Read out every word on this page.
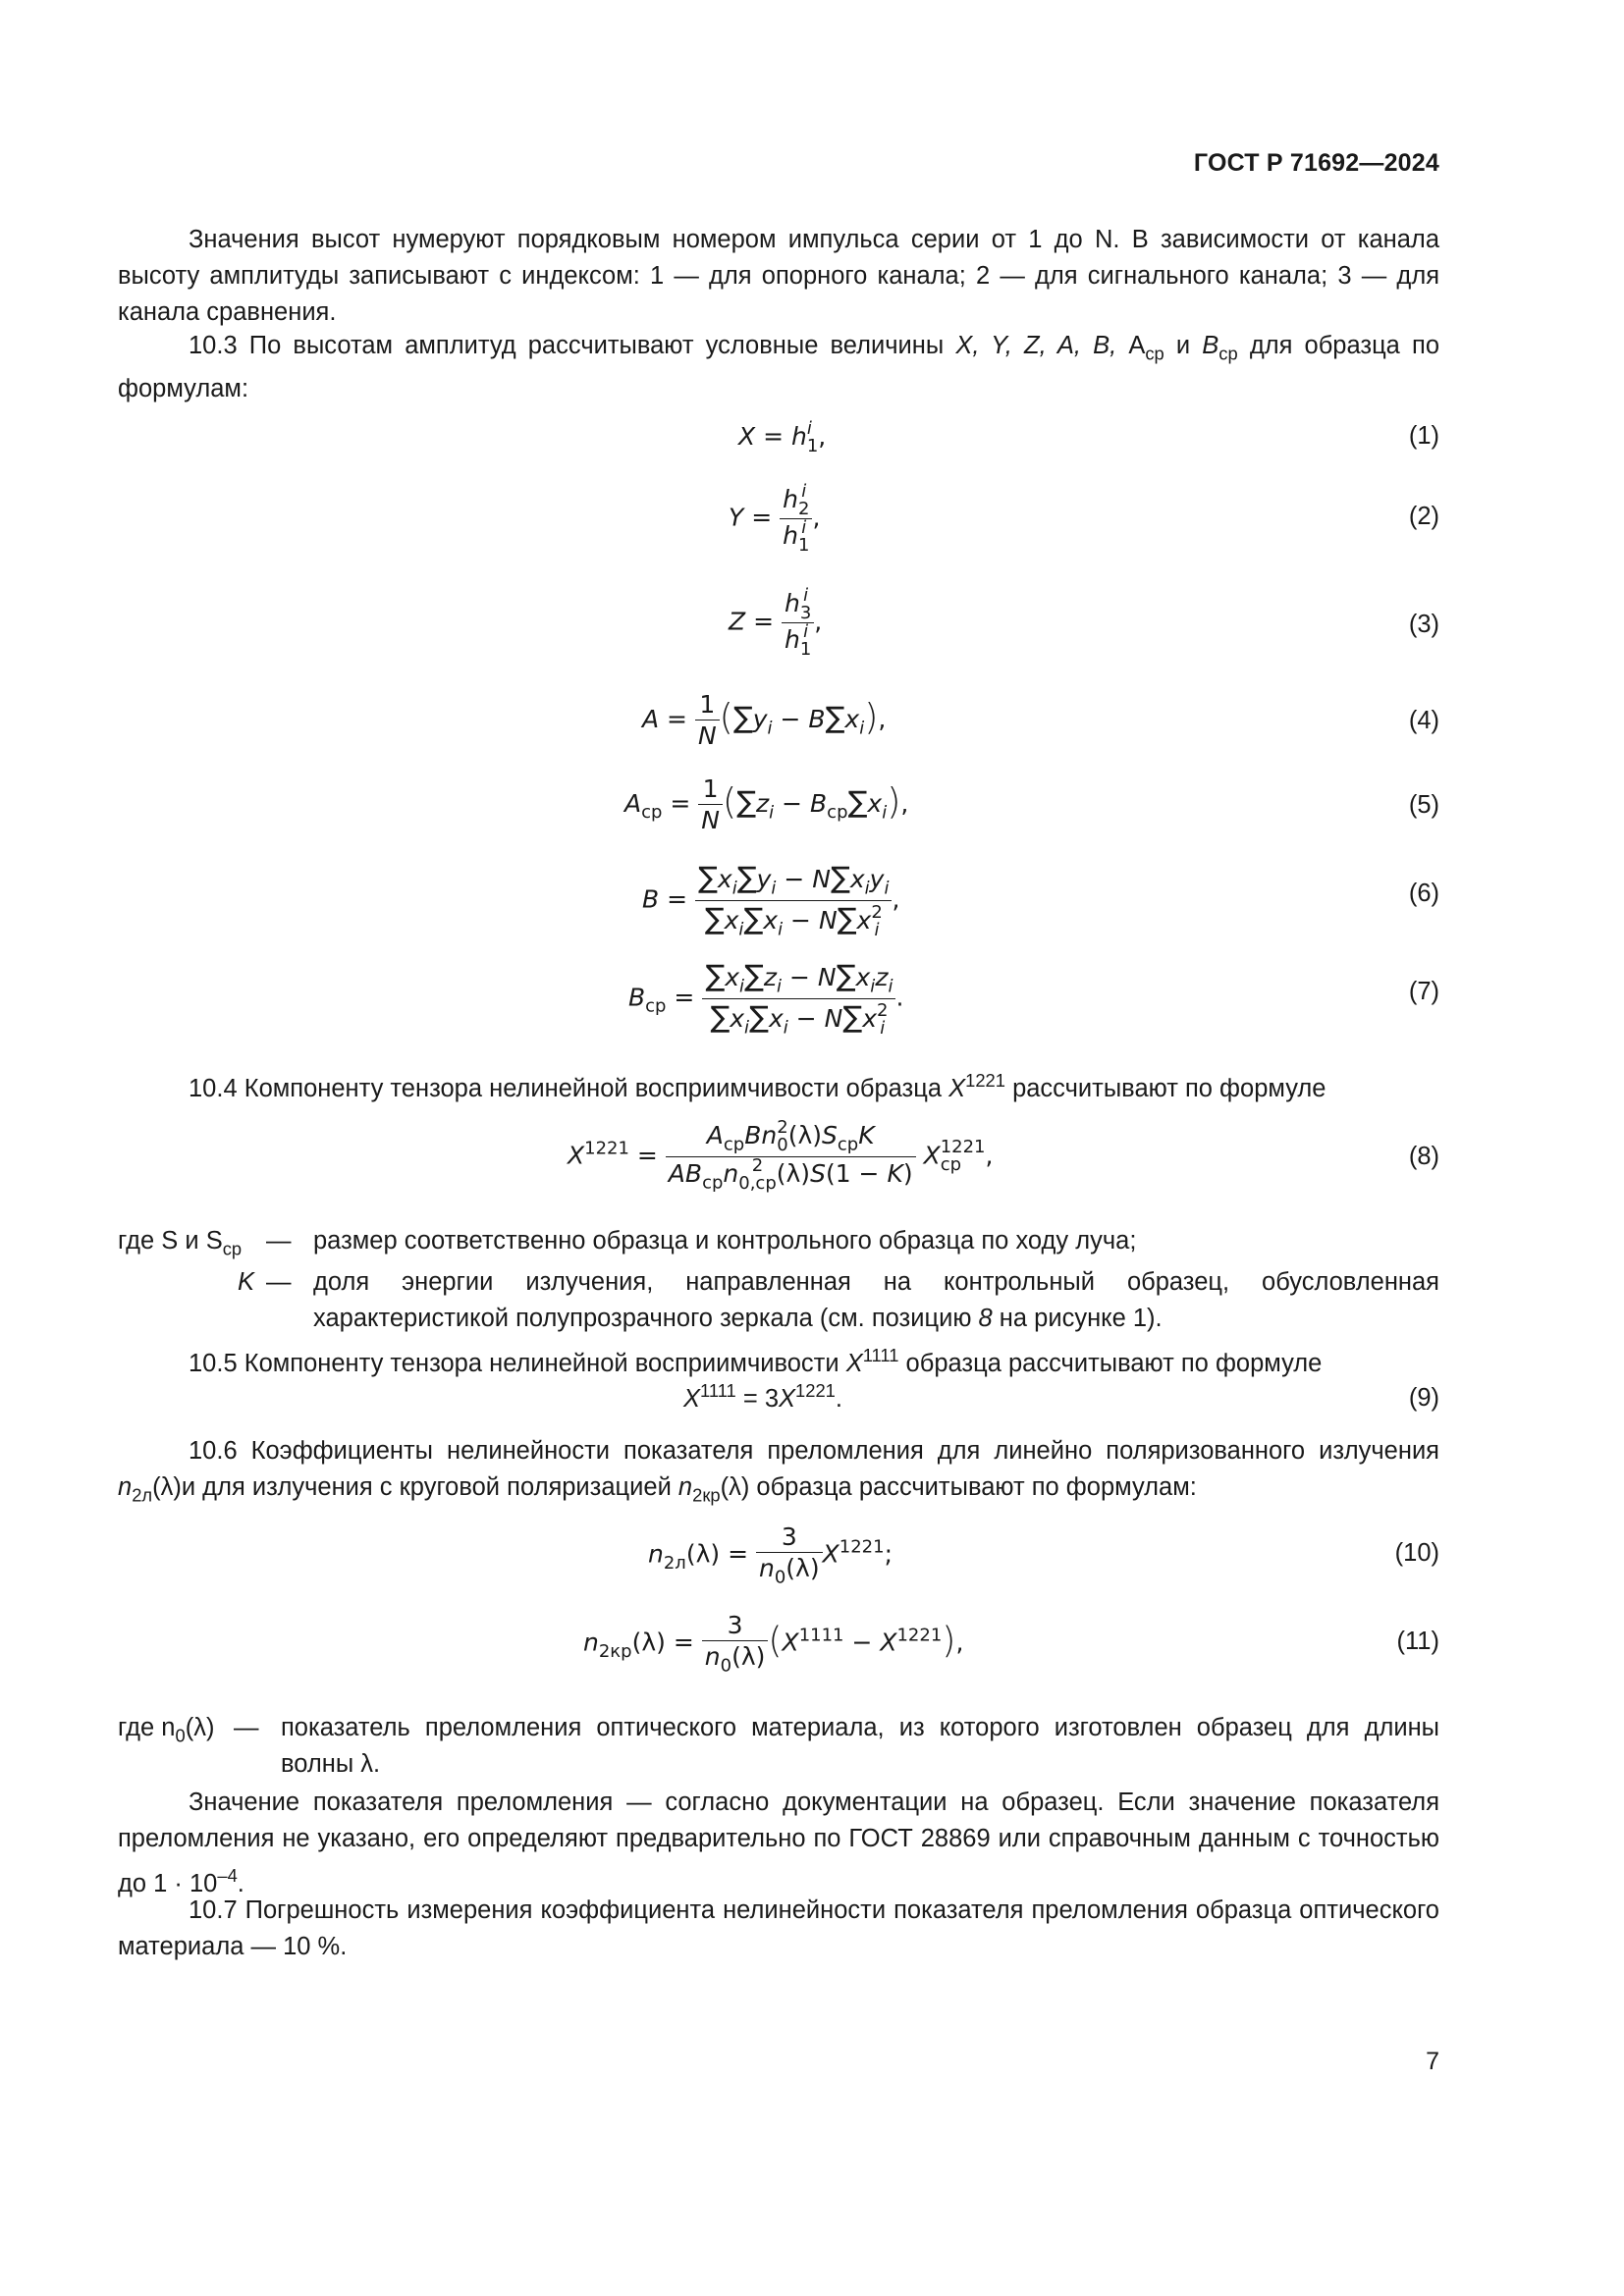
ГОСТ Р 71692—2024
Значения высот нумеруют порядковым номером импульса серии от 1 до N. В зависимости от канала высоту амплитуды записывают с индексом: 1 — для опорного канала; 2 — для сигнального канала; 3 — для канала сравнения.
10.3 По высотам амплитуд рассчитывают условные величины X, Y, Z, A, B, $А_{ср}$ и $B_{ср}$ для образца по формулам:
X = h i
1 ,	(1)
Y = h i
2
h i
1 ,	(2)
Z = h i
3
h i
1 ,	(3)
$A = \frac{1}{N} (\sum y_i - B\sum x_i)$,	(4)
$A_{ср} = \frac{1}{N} (\sum z_i - B_{ср}\sum x_i)$,	(5)
$B = \sum x_i\sum y_i - N\sum x_iy_i$
$\sum x_i\sum x_i - N\sum x$ 2
i ,	(6)
$B_{ср} = \sum x_i\sum z_i - N\sum x_iz_i$
$\sum x_i\sum x_i - N\sum x$ 2
i .	(7)
10.4 Компоненту тензора нелинейной восприимчивости образца $X^{1221}$ рассчитывают по формуле
$X^{1221} = A_{ср}Bn$ 2
0 $(\lambda)S_{ср}K$
$AB_{ср}n$ 2
0,ср (λ)S(1 − K) X 1221
ср ,	(8)
где S и $S_{ср}$ — размер соответственно образца и контрольного образца по ходу луча;
K — доля энергии излучения, направленная на контрольный образец, обусловленная характеристикой полупрозрачного зеркала (см. позицию 8 на рисунке 1).
10.5 Компоненту тензора нелинейной восприимчивости $X^{1111}$ образца рассчитывают по формуле
$X^{1111} = 3X^{1221}$.	(9)
10.6 Коэффициенты нелинейности показателя преломления для линейно поляризованного излучения $n_{2л}(\lambda)и$ для излучения с круговой поляризацией $n_{2кр}(\lambda)$ образца рассчитывают по формулам:
$n_{2л}(\lambda) = \frac{3}{n_0(\lambda)} X^{1221}$;	(10)
$n_{2кр}(\lambda) = \frac{3}{n_0(\lambda)} (X^{1111} - X^{1221})$,	(11)
где $n_0(\lambda)$ — показатель преломления оптического материала, из которого изготовлен образец для длины волны λ.
Значение показателя преломления — согласно документации на образец. Если значение показателя преломления не указано, его определяют предварительно по ГОСТ 28869 или справочным данным с точностью до $1 \cdot 10^{-4}$.
10.7 Погрешность измерения коэффициента нелинейности показателя преломления образца оптического материала — 10 %.
7
